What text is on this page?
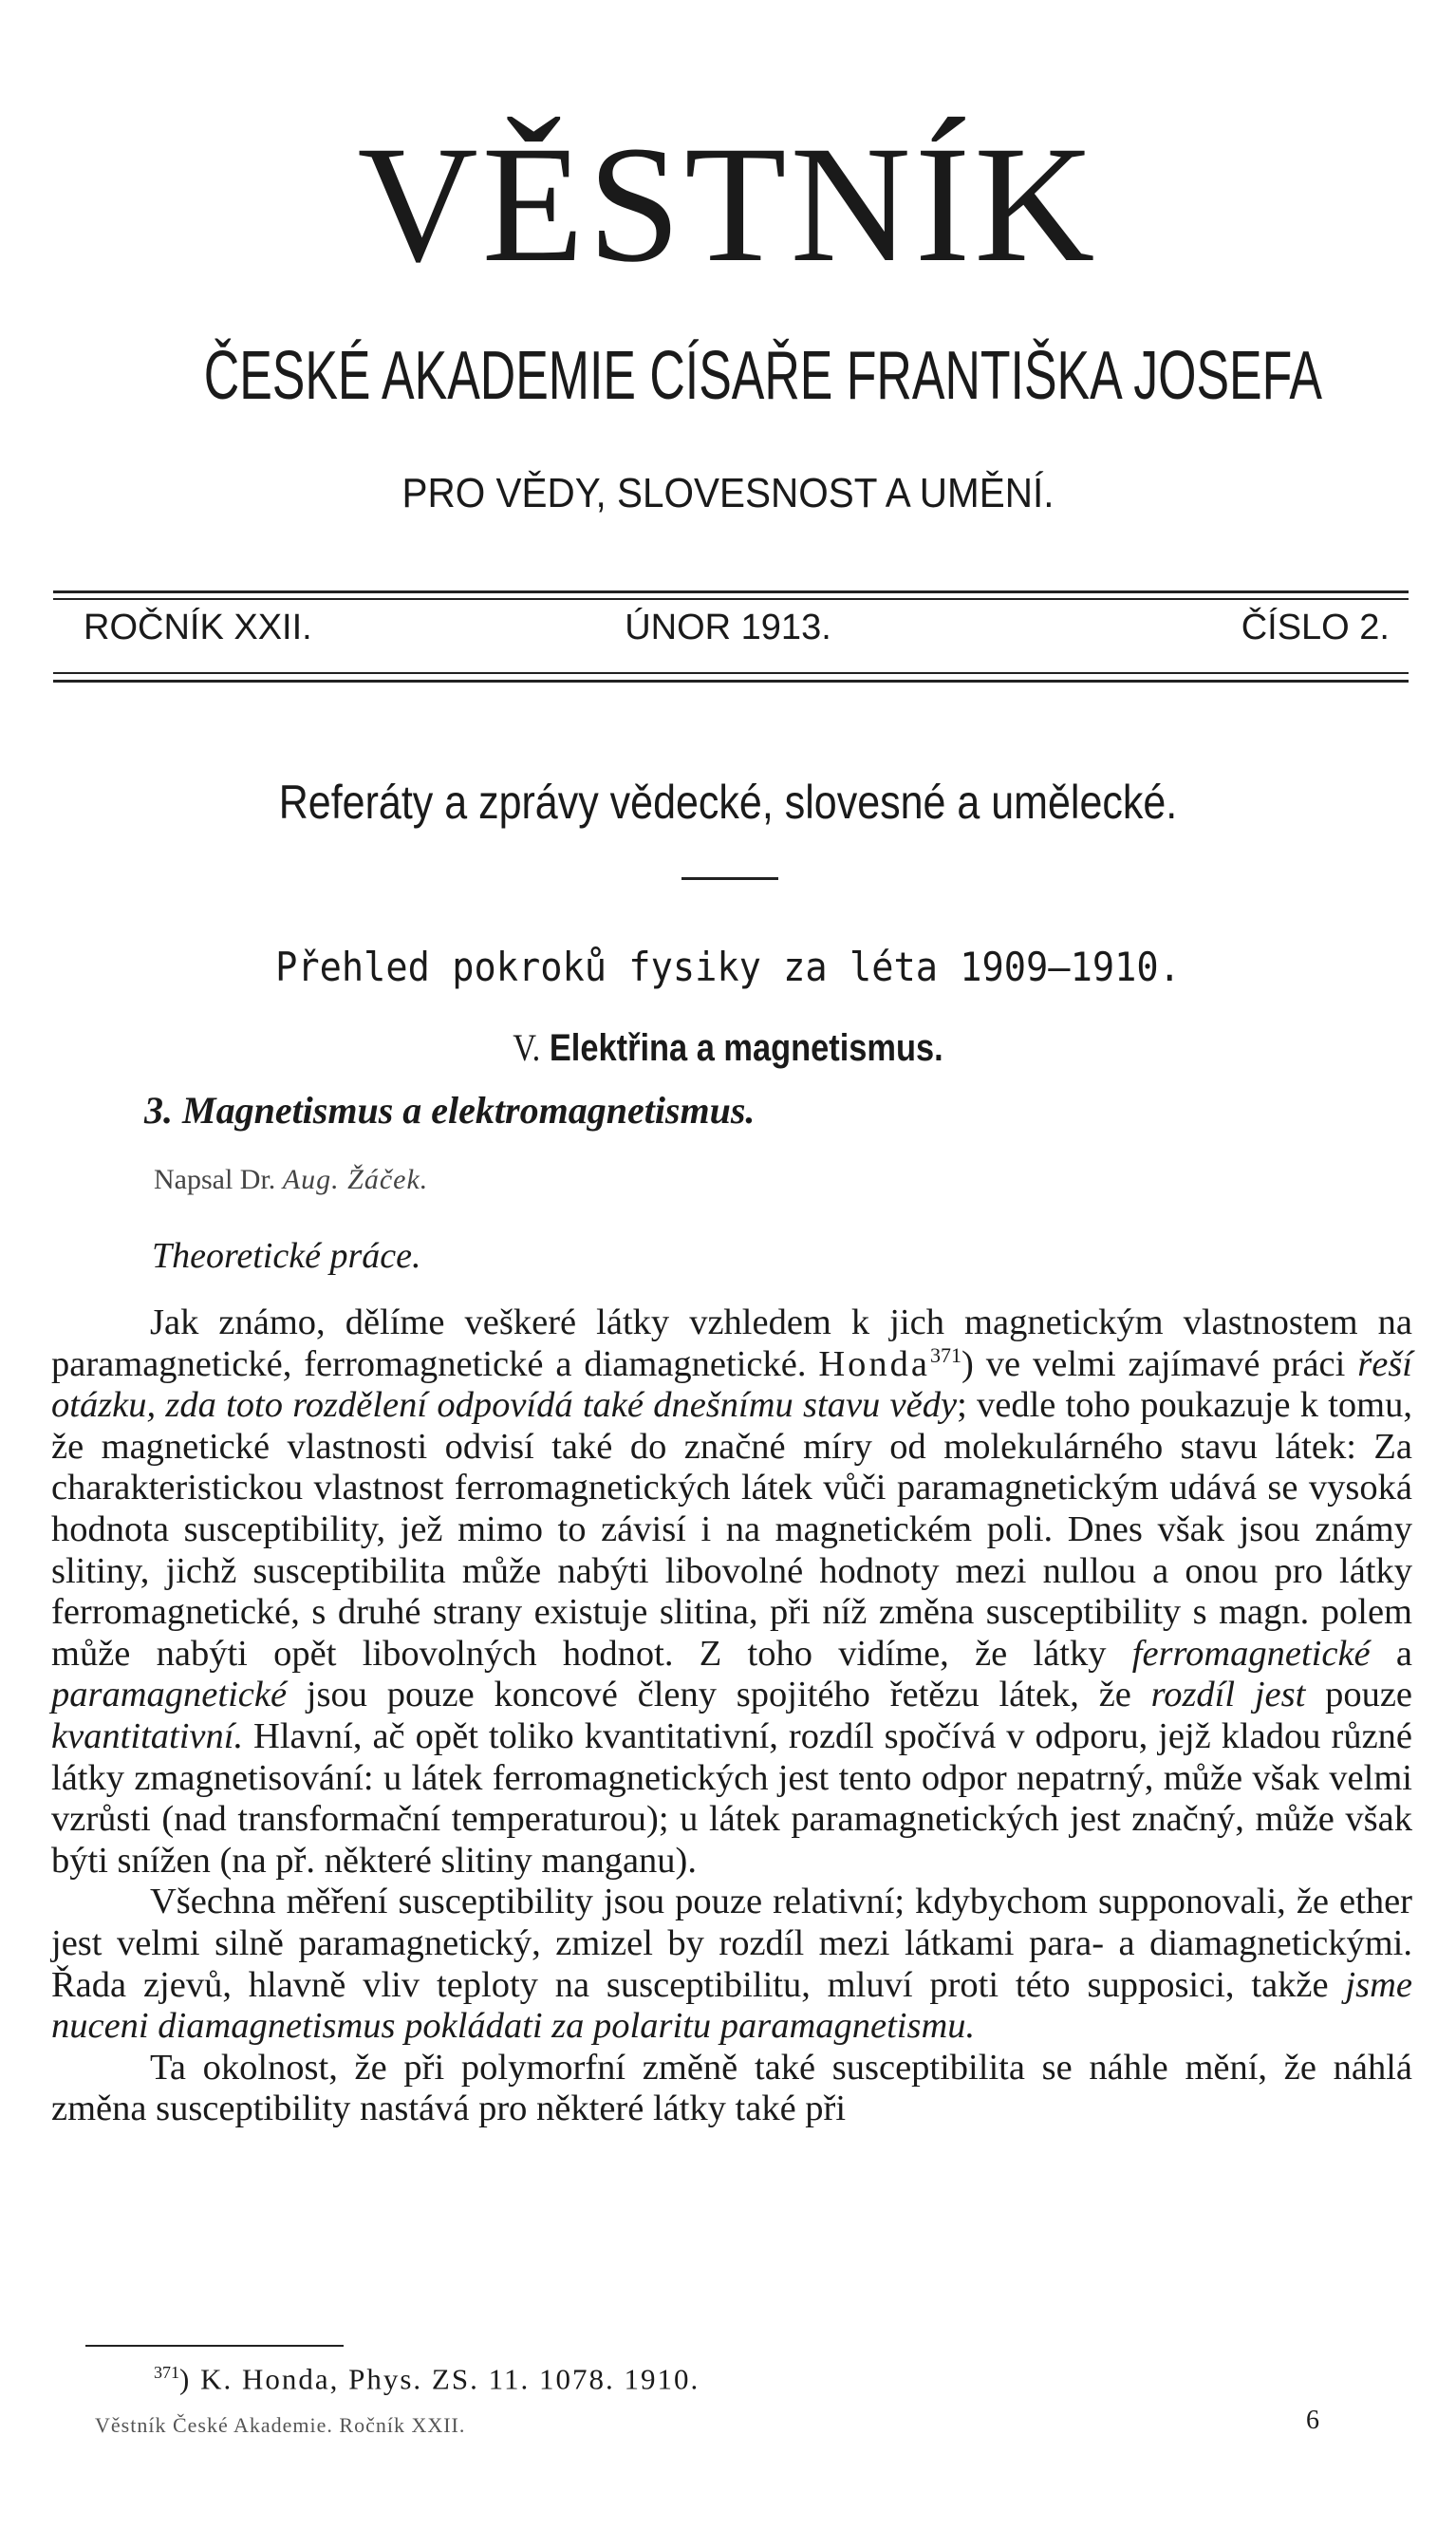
VĚSTNÍK
ČESKÉ AKADEMIE CÍSAŘE FRANTIŠKA JOSEFA
PRO VĚDY, SLOVESNOST A UMĚNÍ.
ROČNÍK XXII.	ÚNOR 1913.	ČÍSLO 2.
Referáty a zprávy vědecké, slovesné a umělecké.
Přehled pokroků fysiky za léta 1909—1910.
V. Elektřina a magnetismus.
3. Magnetismus a elektromagnetismus.
Napsal Dr. Aug. Žáček.
Theoretické práce.

Jak známo, dělíme veškeré látky vzhledem k jich magnetickým vlastnostem na paramagnetické, ferromagnetické a diamagnetické. Honda$^{371}$) ve velmi zajímavé práci řeší otázku, zda toto rozdělení odpovídá také dnešnímu stavu vědy; vedle toho poukazuje k tomu, že magnetické vlastnosti odvisí také do značné míry od molekulárného stavu látek: Za charakteristickou vlastnost ferromagnetických látek vůči paramagnetickým udává se vysoká hodnota susceptibility, jež mimo to závisí i na magnetickém poli. Dnes však jsou známy slitiny, jichž susceptibilita může nabýti libovolné hodnoty mezi nullou a onou pro látky ferromagnetické, s druhé strany existuje slitina, při níž změna susceptibility s magn. polem může nabýti opět libovolných hodnot. Z toho vidíme, že látky ferromagnetické a paramagnetické jsou pouze koncové členy spojitého řetězu látek, že rozdíl jest pouze kvantitativní. Hlavní, ač opět toliko kvantitativní, rozdíl spočívá v odporu, jejž kladou různé látky zmagnetisování: u látek ferromagnetických jest tento odpor nepatrný, může však velmi vzrůsti (nad transformační temperaturou); u látek paramagnetických jest značný, může však býti snížen (na př. některé slitiny manganu).

Všechna měření susceptibility jsou pouze relativní; kdybychom supponovali, že ether jest velmi silně paramagnetický, zmizel by rozdíl mezi látkami para- a diamagnetickými. Řada zjevů, hlavně vliv teploty na susceptibilitu, mluví proti této supposici, takže jsme nuceni diamagnetismus pokládati za polaritu paramagnetismu.

Ta okolnost, že při polymorfní změně také susceptibilita se náhle mění, že náhlá změna susceptibility nastává pro některé látky také při

$^{371}$) K. Honda, Phys. ZS. 11. 1078. 1910.
Věstník České Akademie. Ročník XXII.	6
